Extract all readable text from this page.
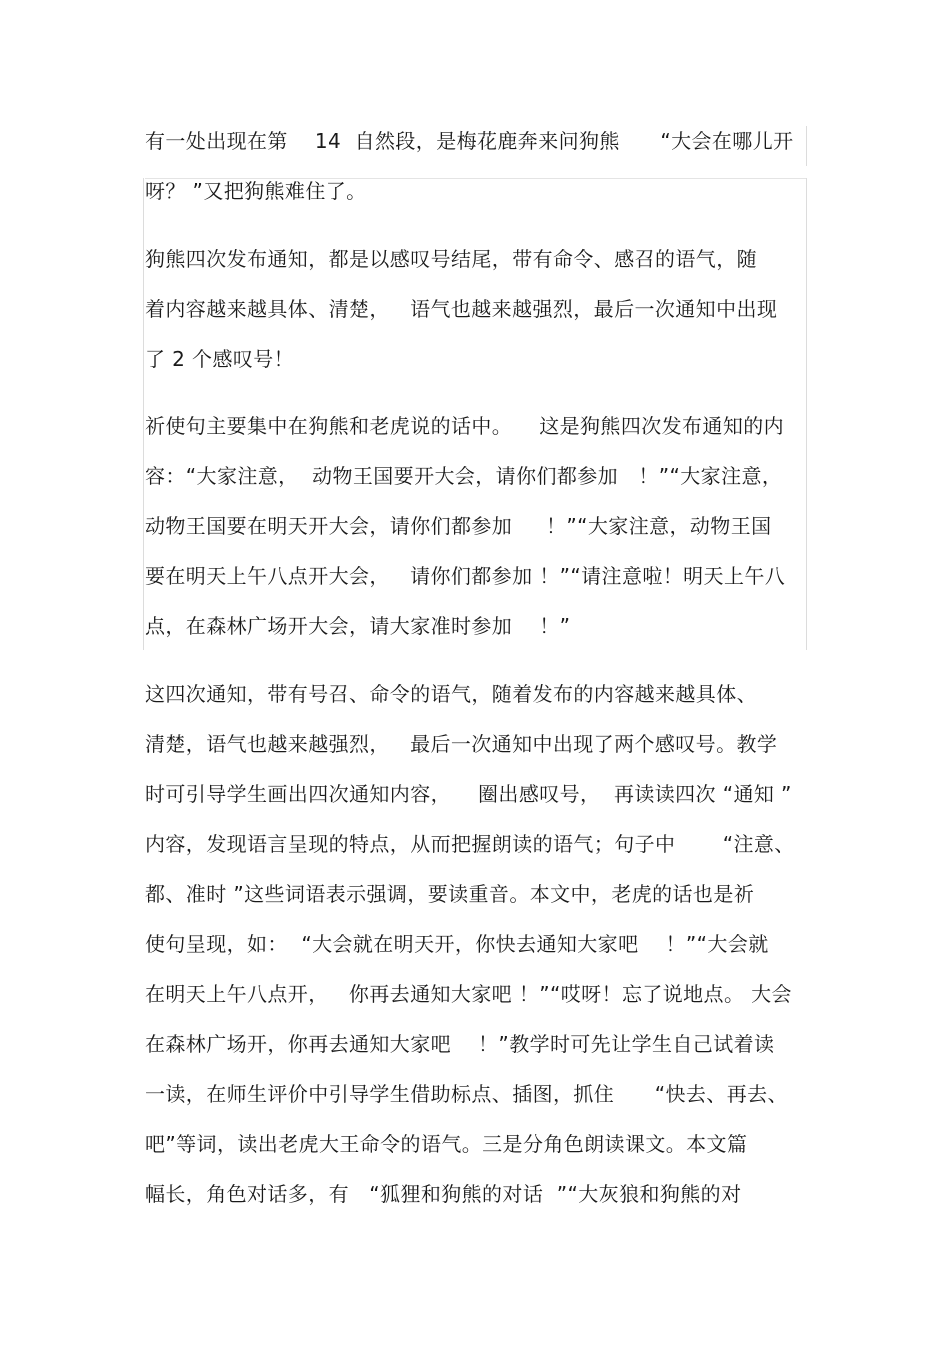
有一处出现在第    14  自然段，是梅花鹿奔来问狗熊      “大会在哪儿开
呀？ ”又把狗熊难住了。
狗熊四次发布通知，都是以感叹号结尾，带有命令、感召的语气，随
着内容越来越具体、清楚，   语气也越来越强烈，最后一次通知中出现
了 2 个感叹号！
祈使句主要集中在狗熊和老虎说的话中。    这是狗熊四次发布通知的内
容：“大家注意，  动物王国要开大会，请你们都参加   ！”“大家注意，
动物王国要在明天开大会，请你们都参加     ！”“大家注意，动物王国
要在明天上午八点开大会，   请你们都参加 ！”“请注意啦！明天上午八
点，在森林广场开大会，请大家准时参加    ！”
这四次通知，带有号召、命令的语气，随着发布的内容越来越具体、
清楚，语气也越来越强烈，   最后一次通知中出现了两个感叹号。教学
时可引导学生画出四次通知内容，    圈出感叹号，  再读读四次 “通知 ”
内容，发现语言呈现的特点，从而把握朗读的语气；句子中       “注意、
都、准时 ”这些词语表示强调，要读重音。本文中，老虎的话也是祈
使句呈现，如：  “大会就在明天开，你快去通知大家吧    ！”“大会就
在明天上午八点开，   你再去通知大家吧 ！”“哎呀！忘了说地点。 大会
在森林广场开，你再去通知大家吧    ！”教学时可先让学生自己试着读
一读，在师生评价中引导学生借助标点、插图，抓住      “快去、再去、
吧”等词，读出老虎大王命令的语气。三是分角色朗读课文。本文篇
幅长，角色对话多，有   “狐狸和狗熊的对话  ”“大灰狼和狗熊的对
